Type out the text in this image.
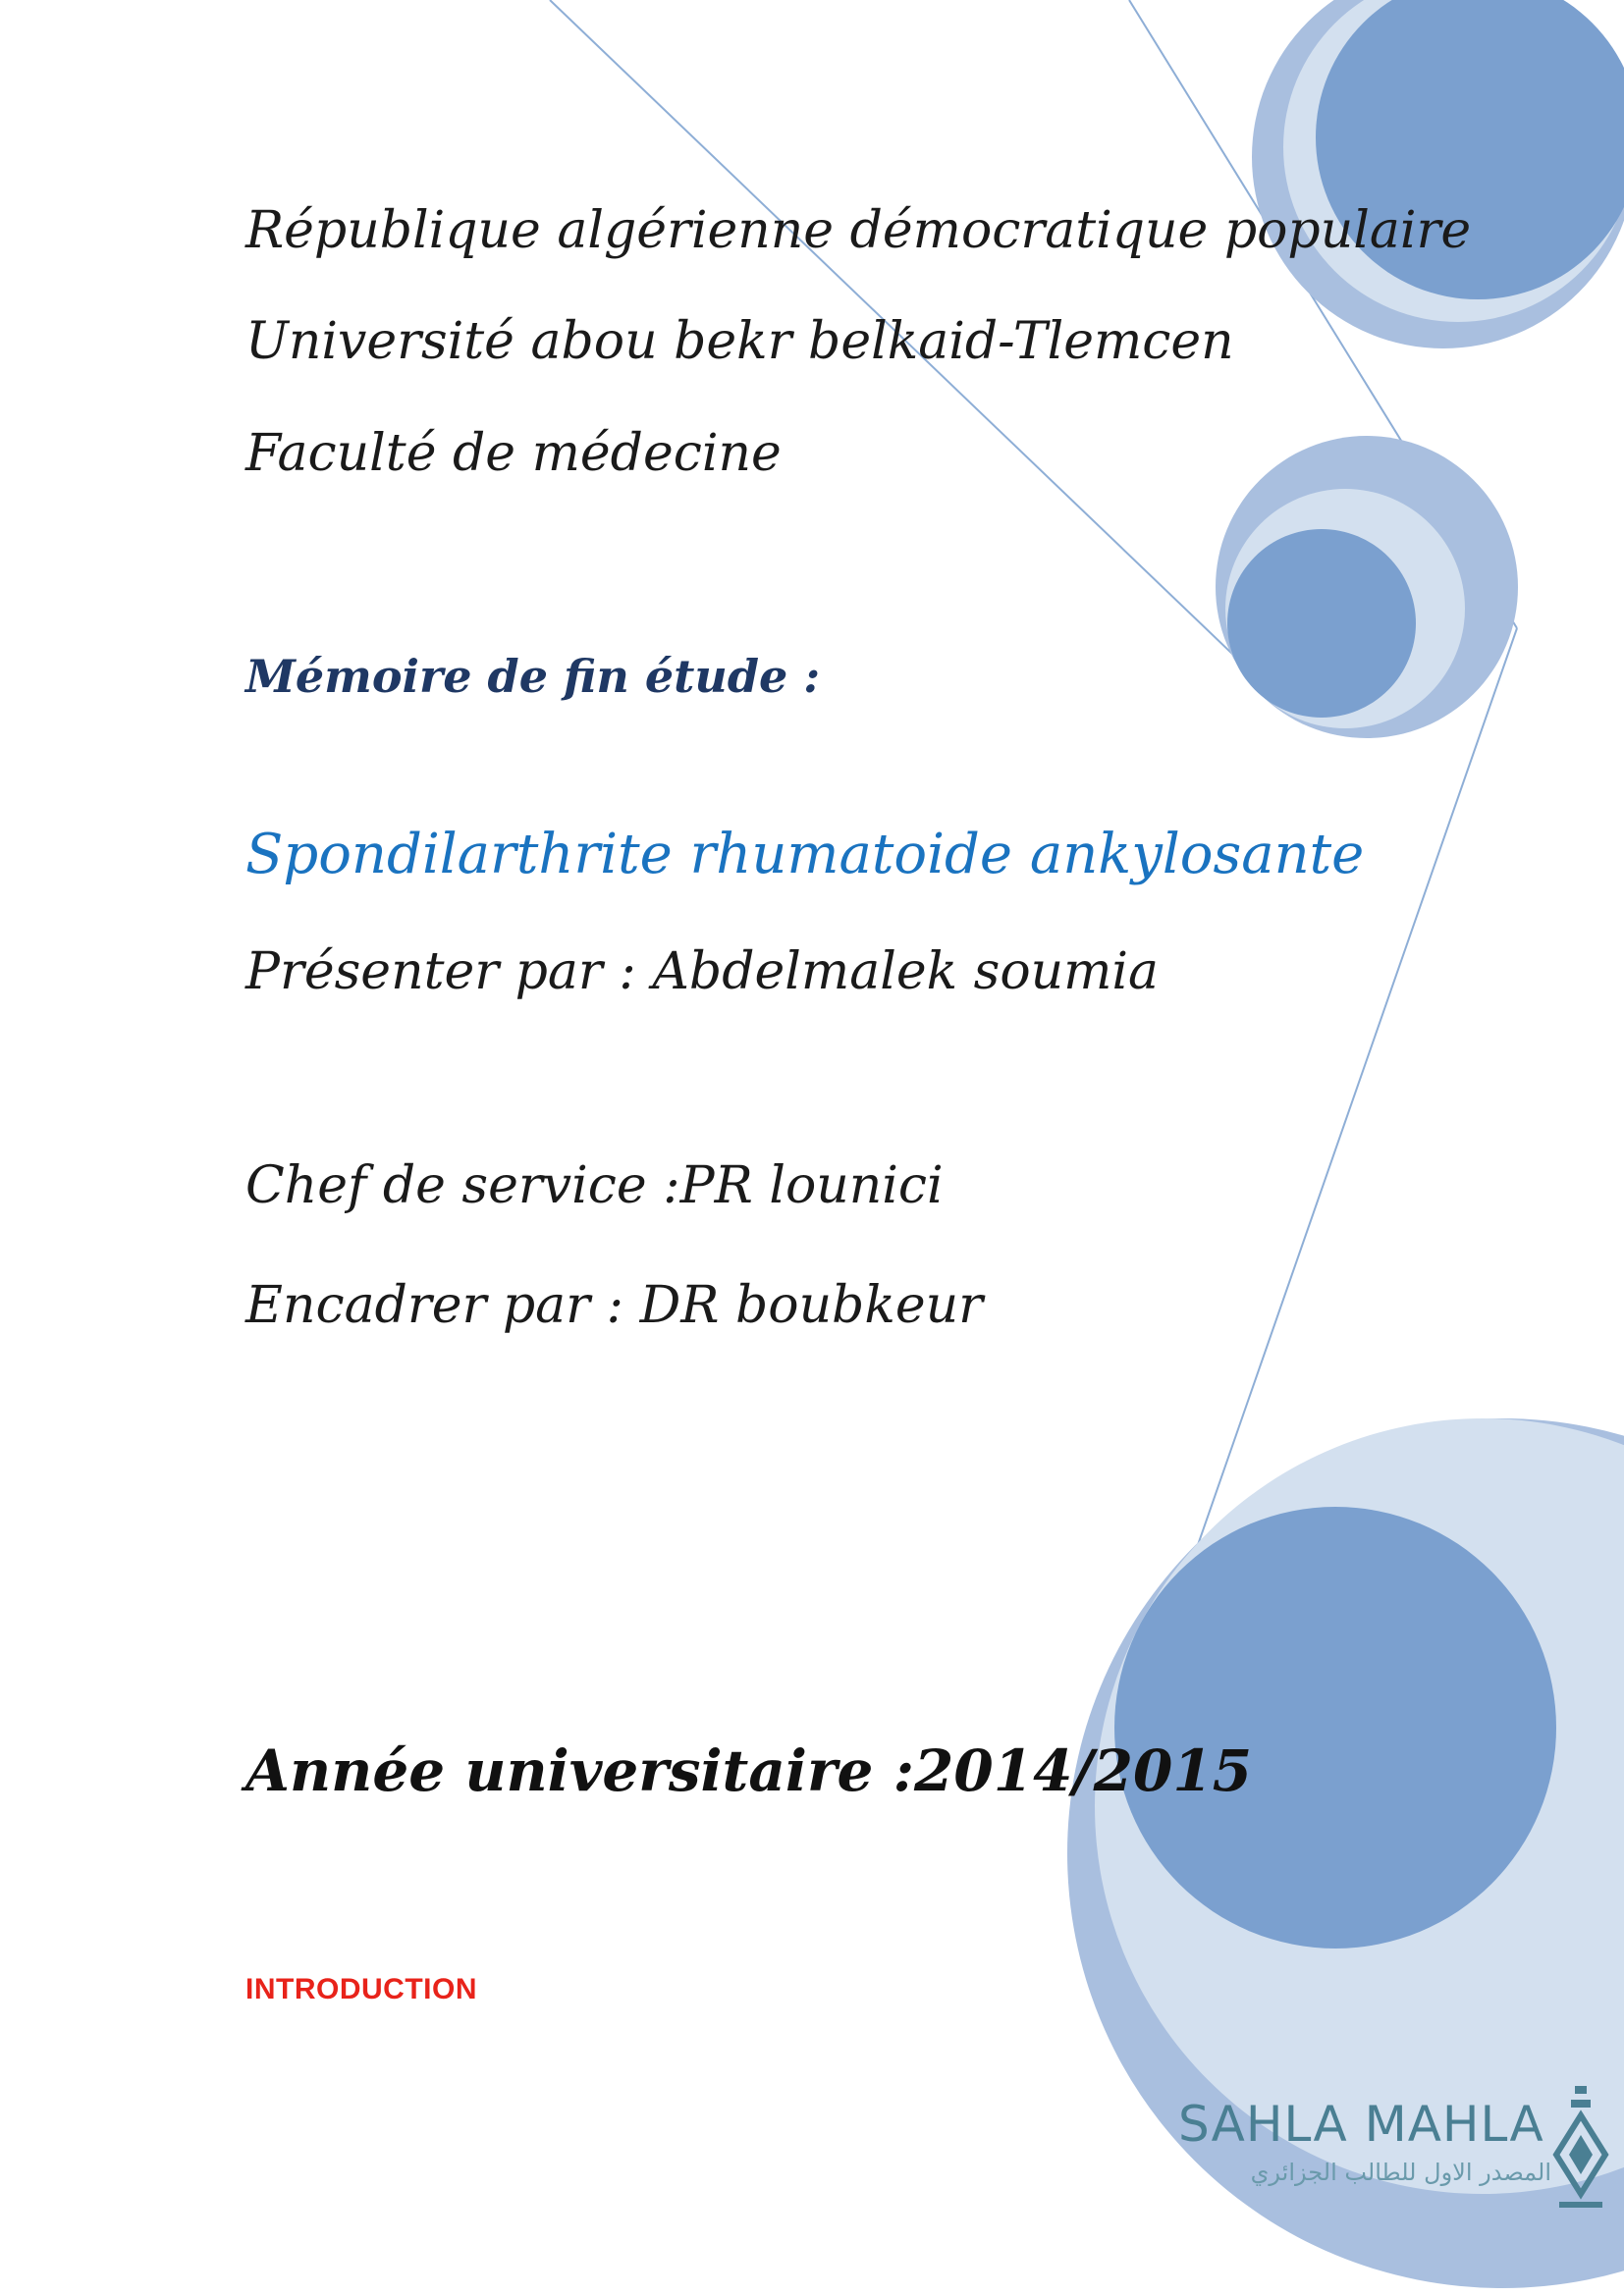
République algérienne démocratique populaire

Université abou bekr belkaid-Tlemcen

Faculté de médecine

Mémoire de fin étude :

Spondilarthrite rhumatoide ankylosante

Présenter par : Abdelmalek soumia

Chef de service :PR lounici

Encadrer par : DR boubkeur

Année universitaire :2014/2015

INTRODUCTION
SAHLA MAHLA
المصدر الاول للطالب الجزائري
